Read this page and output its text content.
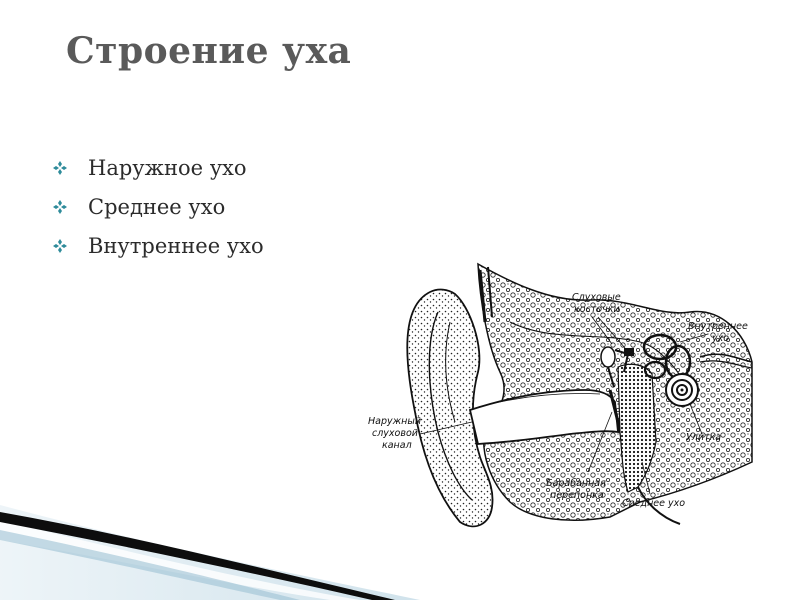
Строение уха
Наружное ухо
Среднее ухо
Внутреннее ухо
Слуховые
косточки
Внутреннее
ухо
Наружный
слуховой
канал
Улитка
Барабанная
перепонка
Среднее ухо
